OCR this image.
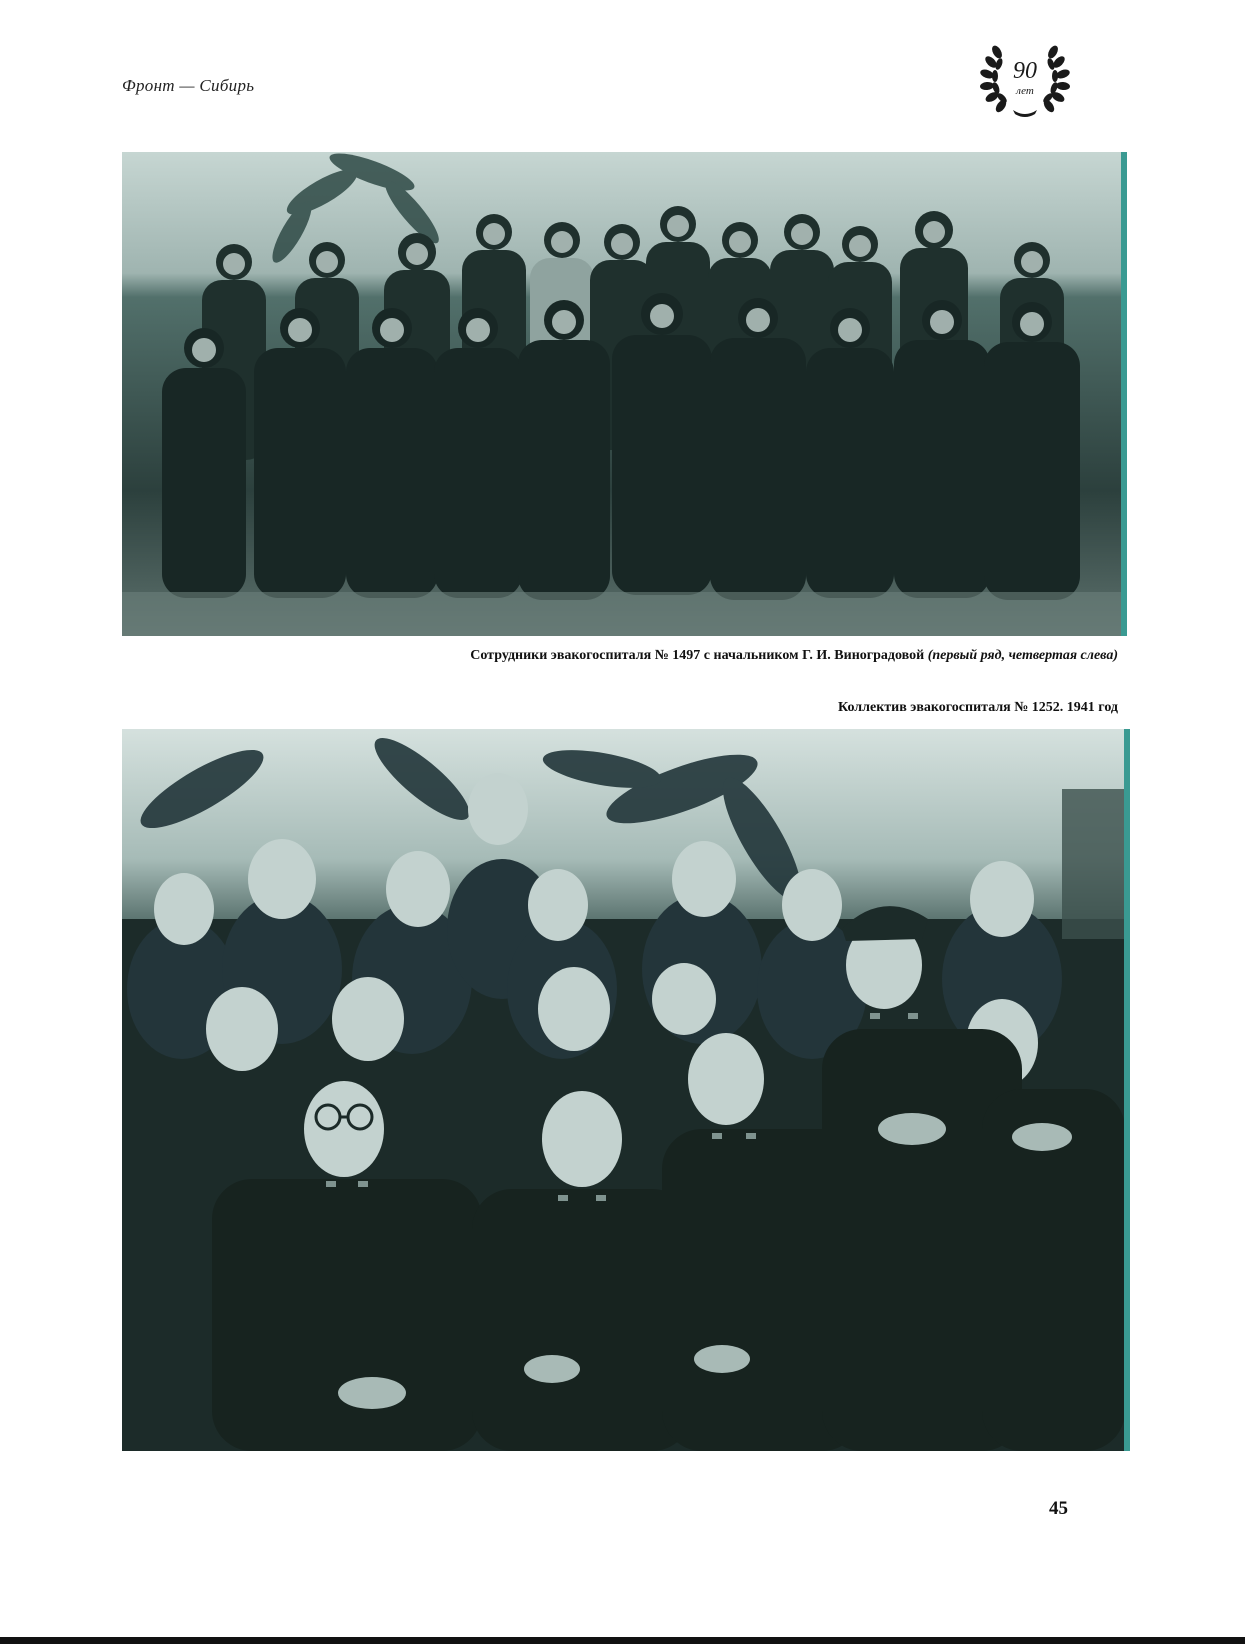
Фронт — Сибирь
90
лет
Сотрудники эвакогоспиталя № 1497 с начальником Г. И. Виноградовой (первый ряд, четвертая слева)
Коллектив эвакогоспиталя № 1252. 1941 год
45
